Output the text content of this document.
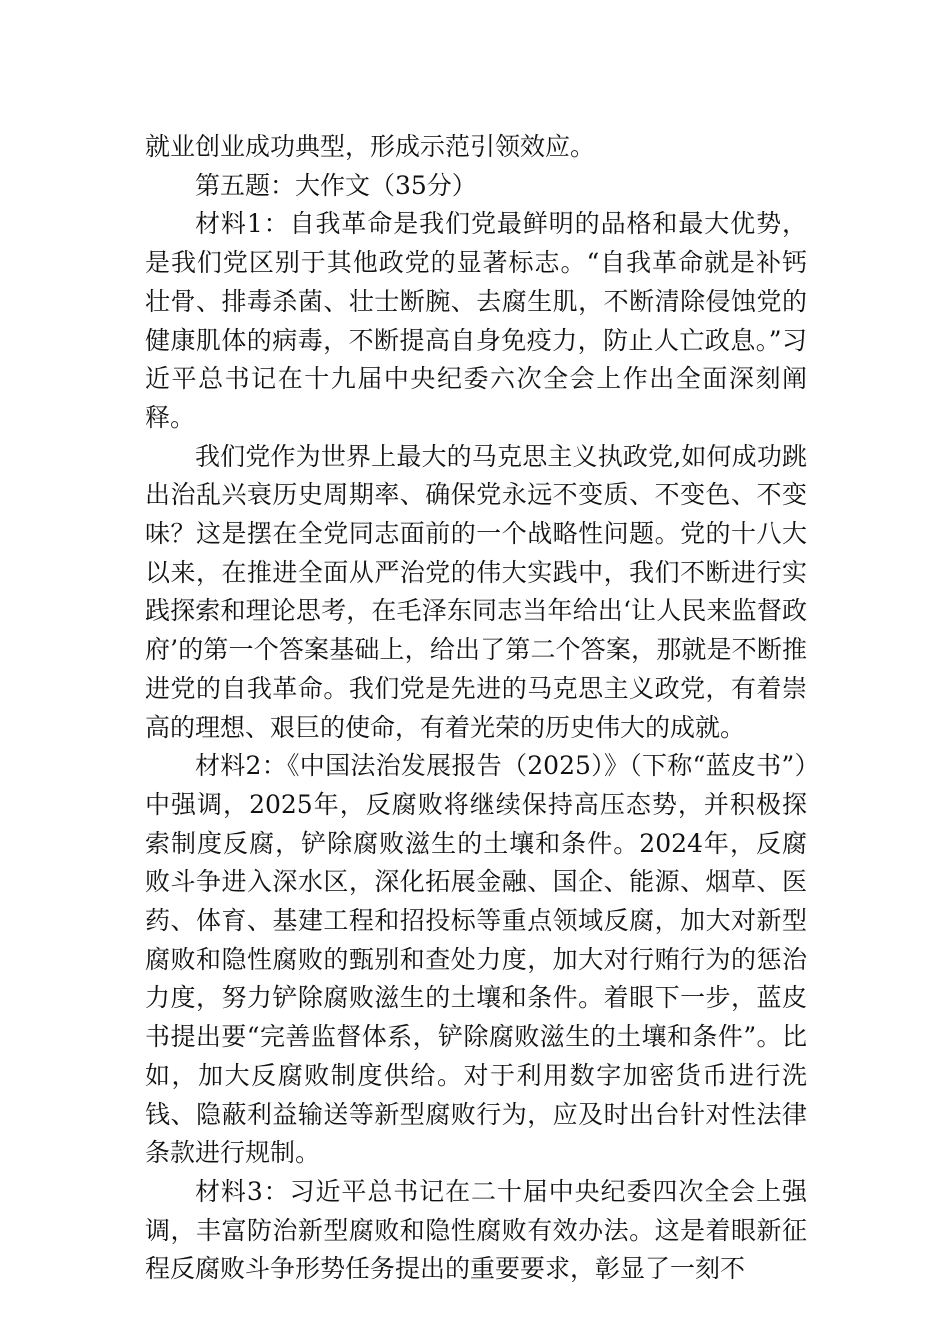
就业创业成功典型，形成示范引领效应。

第五题：大作文（35分）

材料1：自我革命是我们党最鲜明的品格和最大优势，是我们党区别于其他政党的显著标志。“自我革命就是补钙壮骨、排毒杀菌、壮士断腕、去腐生肌，不断清除侵蚀党的健康肌体的病毒，不断提高自身免疫力，防止人亡政息。”习近平总书记在十九届中央纪委六次全会上作出全面深刻阐释。

我们党作为世界上最大的马克思主义执政党,如何成功跳出治乱兴衰历史周期率、确保党永远不变质、不变色、不变味？这是摆在全党同志面前的一个战略性问题。党的十八大以来，在推进全面从严治党的伟大实践中，我们不断进行实践探索和理论思考，在毛泽东同志当年给出‘让人民来监督政府’的第一个答案基础上，给出了第二个答案，那就是不断推进党的自我革命。我们党是先进的马克思主义政党，有着崇高的理想、艰巨的使命，有着光荣的历史伟大的成就。

材料2：《中国法治发展报告（2025）》（下称“蓝皮书”）中强调，2025年，反腐败将继续保持高压态势，并积极探索制度反腐，铲除腐败滋生的土壤和条件。2024年，反腐败斗争进入深水区，深化拓展金融、国企、能源、烟草、医药、体育、基建工程和招投标等重点领域反腐，加大对新型腐败和隐性腐败的甄别和查处力度，加大对行贿行为的惩治力度，努力铲除腐败滋生的土壤和条件。着眼下一步，蓝皮书提出要“完善监督体系，铲除腐败滋生的土壤和条件”。比如，加大反腐败制度供给。对于利用数字加密货币进行洗钱、隐蔽利益输送等新型腐败行为，应及时出台针对性法律条款进行规制。

材料3：习近平总书记在二十届中央纪委四次全会上强调，丰富防治新型腐败和隐性腐败有效办法。这是着眼新征程反腐败斗争形势任务提出的重要要求，彰显了一刻不
